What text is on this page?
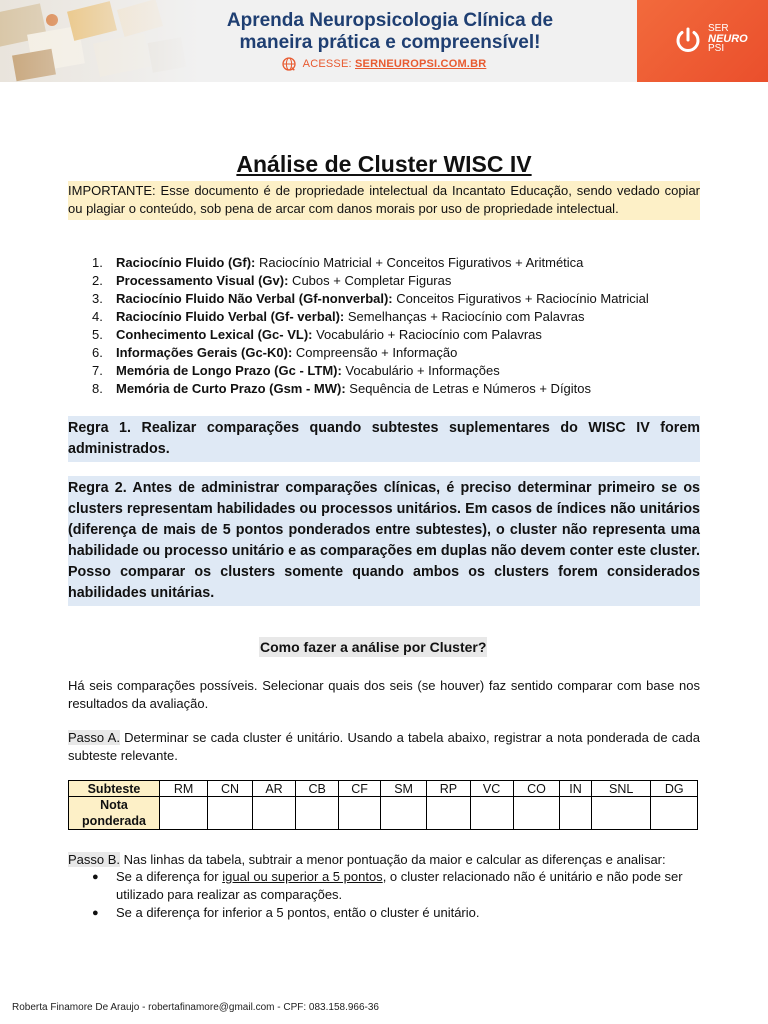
Aprenda Neuropsicologia Clínica de
maneira prática e compreensível!
ACESSE: SERNEUROPSI.COM.BR
SER
NEURO
PSI
Análise de Cluster WISC IV
IMPORTANTE: Esse documento é de propriedade intelectual da Incantato Educação, sendo vedado copiar ou plagiar o conteúdo, sob pena de arcar com danos morais por uso de propriedade intelectual.
1. Raciocínio Fluido (Gf): Raciocínio Matricial + Conceitos Figurativos + Aritmética
2. Processamento Visual (Gv): Cubos + Completar Figuras
3. Raciocínio Fluido Não Verbal (Gf-nonverbal): Conceitos Figurativos + Raciocínio Matricial
4. Raciocínio Fluido Verbal (Gf- verbal): Semelhanças + Raciocínio com Palavras
5. Conhecimento Lexical (Gc- VL): Vocabulário + Raciocínio com Palavras
6. Informações Gerais (Gc-K0): Compreensão + Informação
7. Memória de Longo Prazo (Gc - LTM): Vocabulário + Informações
8. Memória de Curto Prazo (Gsm - MW): Sequência de Letras e Números + Dígitos
Regra 1. Realizar comparações quando subtestes suplementares do WISC IV forem administrados.
Regra 2. Antes de administrar comparações clínicas, é preciso determinar primeiro se os clusters representam habilidades ou processos unitários. Em casos de índices não unitários (diferença de mais de 5 pontos ponderados entre subtestes), o cluster não representa uma habilidade ou processo unitário e as comparações em duplas não devem conter este cluster. Posso comparar os clusters somente quando ambos os clusters forem considerados habilidades unitárias.
Como fazer a análise por Cluster?
Há seis comparações possíveis. Selecionar quais dos seis (se houver) faz sentido comparar com base nos resultados da avaliação.
Passo A. Determinar se cada cluster é unitário. Usando a tabela abaixo, registrar a nota ponderada de cada subteste relevante.
Subteste	RM	CN	AR	CB	CF	SM	RP	VC	CO	IN	SNL	DG

Nota
ponderada												

Passo B. Nas linhas da tabela, subtrair a menor pontuação da maior e calcular as diferenças e analisar:
● Se a diferença for igual ou superior a 5 pontos, o cluster relacionado não é unitário e não pode ser utilizado para realizar as comparações.
● Se a diferença for inferior a 5 pontos, então o cluster é unitário.
Roberta Finamore De Araujo - robertafinamore@gmail.com - CPF: 083.158.966-36
